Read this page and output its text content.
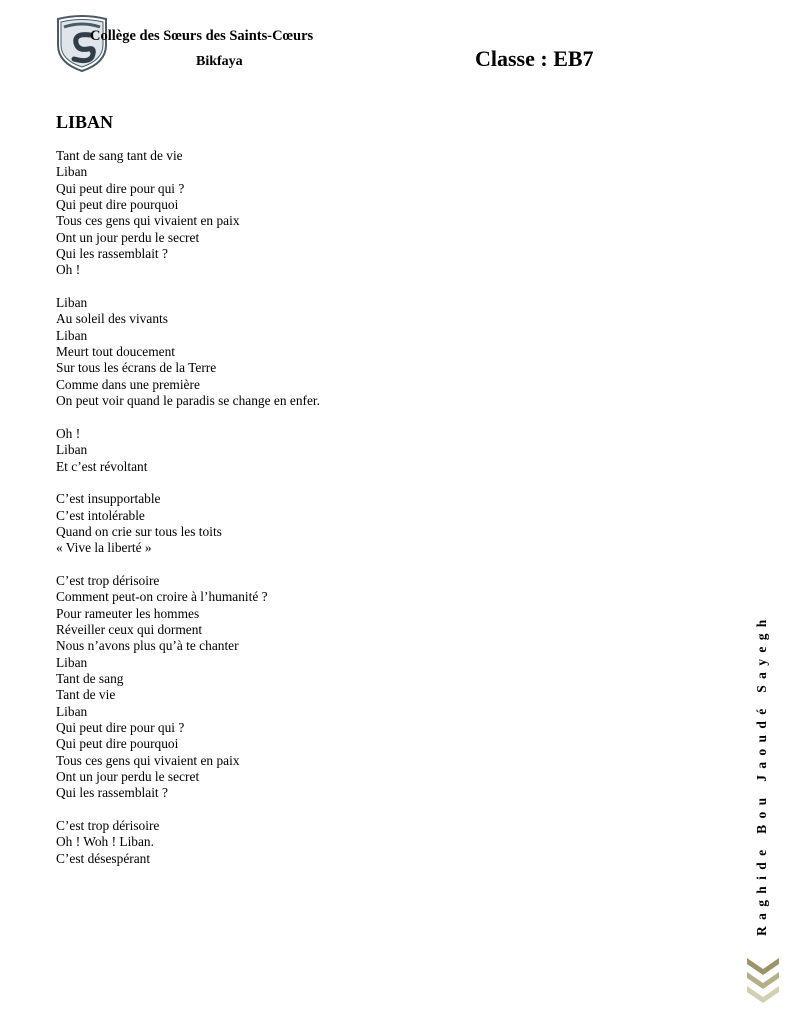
Collège des Sœurs des Saints-Cœurs
Bikfaya	Classe : EB7
LIBAN
Tant de sang tant de vie
Liban
Qui peut dire pour qui ?
Qui peut dire pourquoi
Tous ces gens qui vivaient en paix
Ont un jour perdu le secret
Qui les rassemblait ?
Oh !
Liban
Au soleil des vivants
Liban
Meurt tout doucement
Sur tous les écrans de la Terre
Comme dans une première
On peut voir quand le paradis se change en enfer.
Oh !
Liban
Et c’est révoltant
C’est insupportable
C’est intolérable
Quand on crie sur tous les toits
« Vive la liberté »
C’est trop dérisoire
Comment peut-on croire à l’humanité ?
Pour rameuter les hommes
Réveiller ceux qui dorment
Nous n’avons plus qu’à te chanter
Liban
Tant de sang
Tant de vie
Liban
Qui peut dire pour qui ?
Qui peut dire pourquoi
Tous ces gens qui vivaient en paix
Ont un jour perdu le secret
Qui les rassemblait ?
C’est trop dérisoire
Oh ! Woh ! Liban.
C’est désespérant	Raghide Bou Jaoudé Sayegh
